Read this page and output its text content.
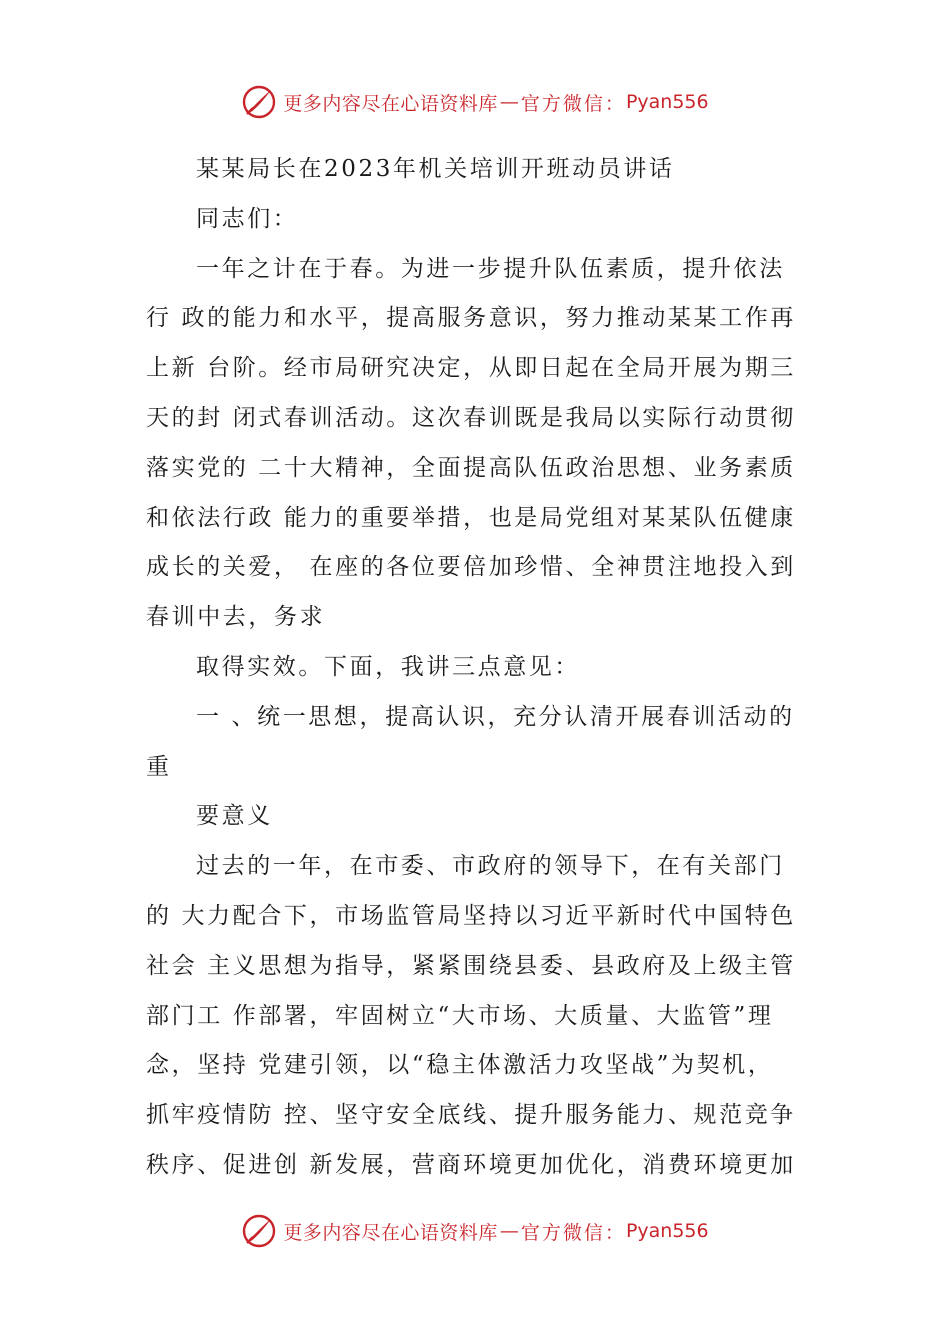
更多内容尽在心语资料库 — 官方微信： Pyan556
某某局长在2023年机关培训开班动员讲话
同志们：
一年之计在于春。为进一步提升队伍素质，提升依法
行 政的能力和水平，提高服务意识，努力推动某某工作再
上新 台阶。经市局研究决定，从即日起在全局开展为期三
天的封 闭式春训活动。这次春训既是我局以实际行动贯彻
落实党的 二十大精神，全面提高队伍政治思想、业务素质
和依法行政 能力的重要举措，也是局党组对某某队伍健康
成长的关爱， 在座的各位要倍加珍惜、全神贯注地投入到
春训中去，务求
取得实效。下面，我讲三点意见：
一 、统一思想，提高认识，充分认清开展春训活动的
重
要意义
过去的一年，在市委、市政府的领导下，在有关部门
的 大力配合下，市场监管局坚持以习近平新时代中国特色
社会 主义思想为指导，紧紧围绕县委、县政府及上级主管
部门工 作部署，牢固树立“大市场、大质量、大监管”理
念，坚持 党建引领，以“稳主体激活力攻坚战”为契机，
抓牢疫情防 控、坚守安全底线、提升服务能力、规范竞争
秩序、促进创 新发展，营商环境更加优化，消费环境更加
更多内容尽在心语资料库 — 官方微信： Pyan556
